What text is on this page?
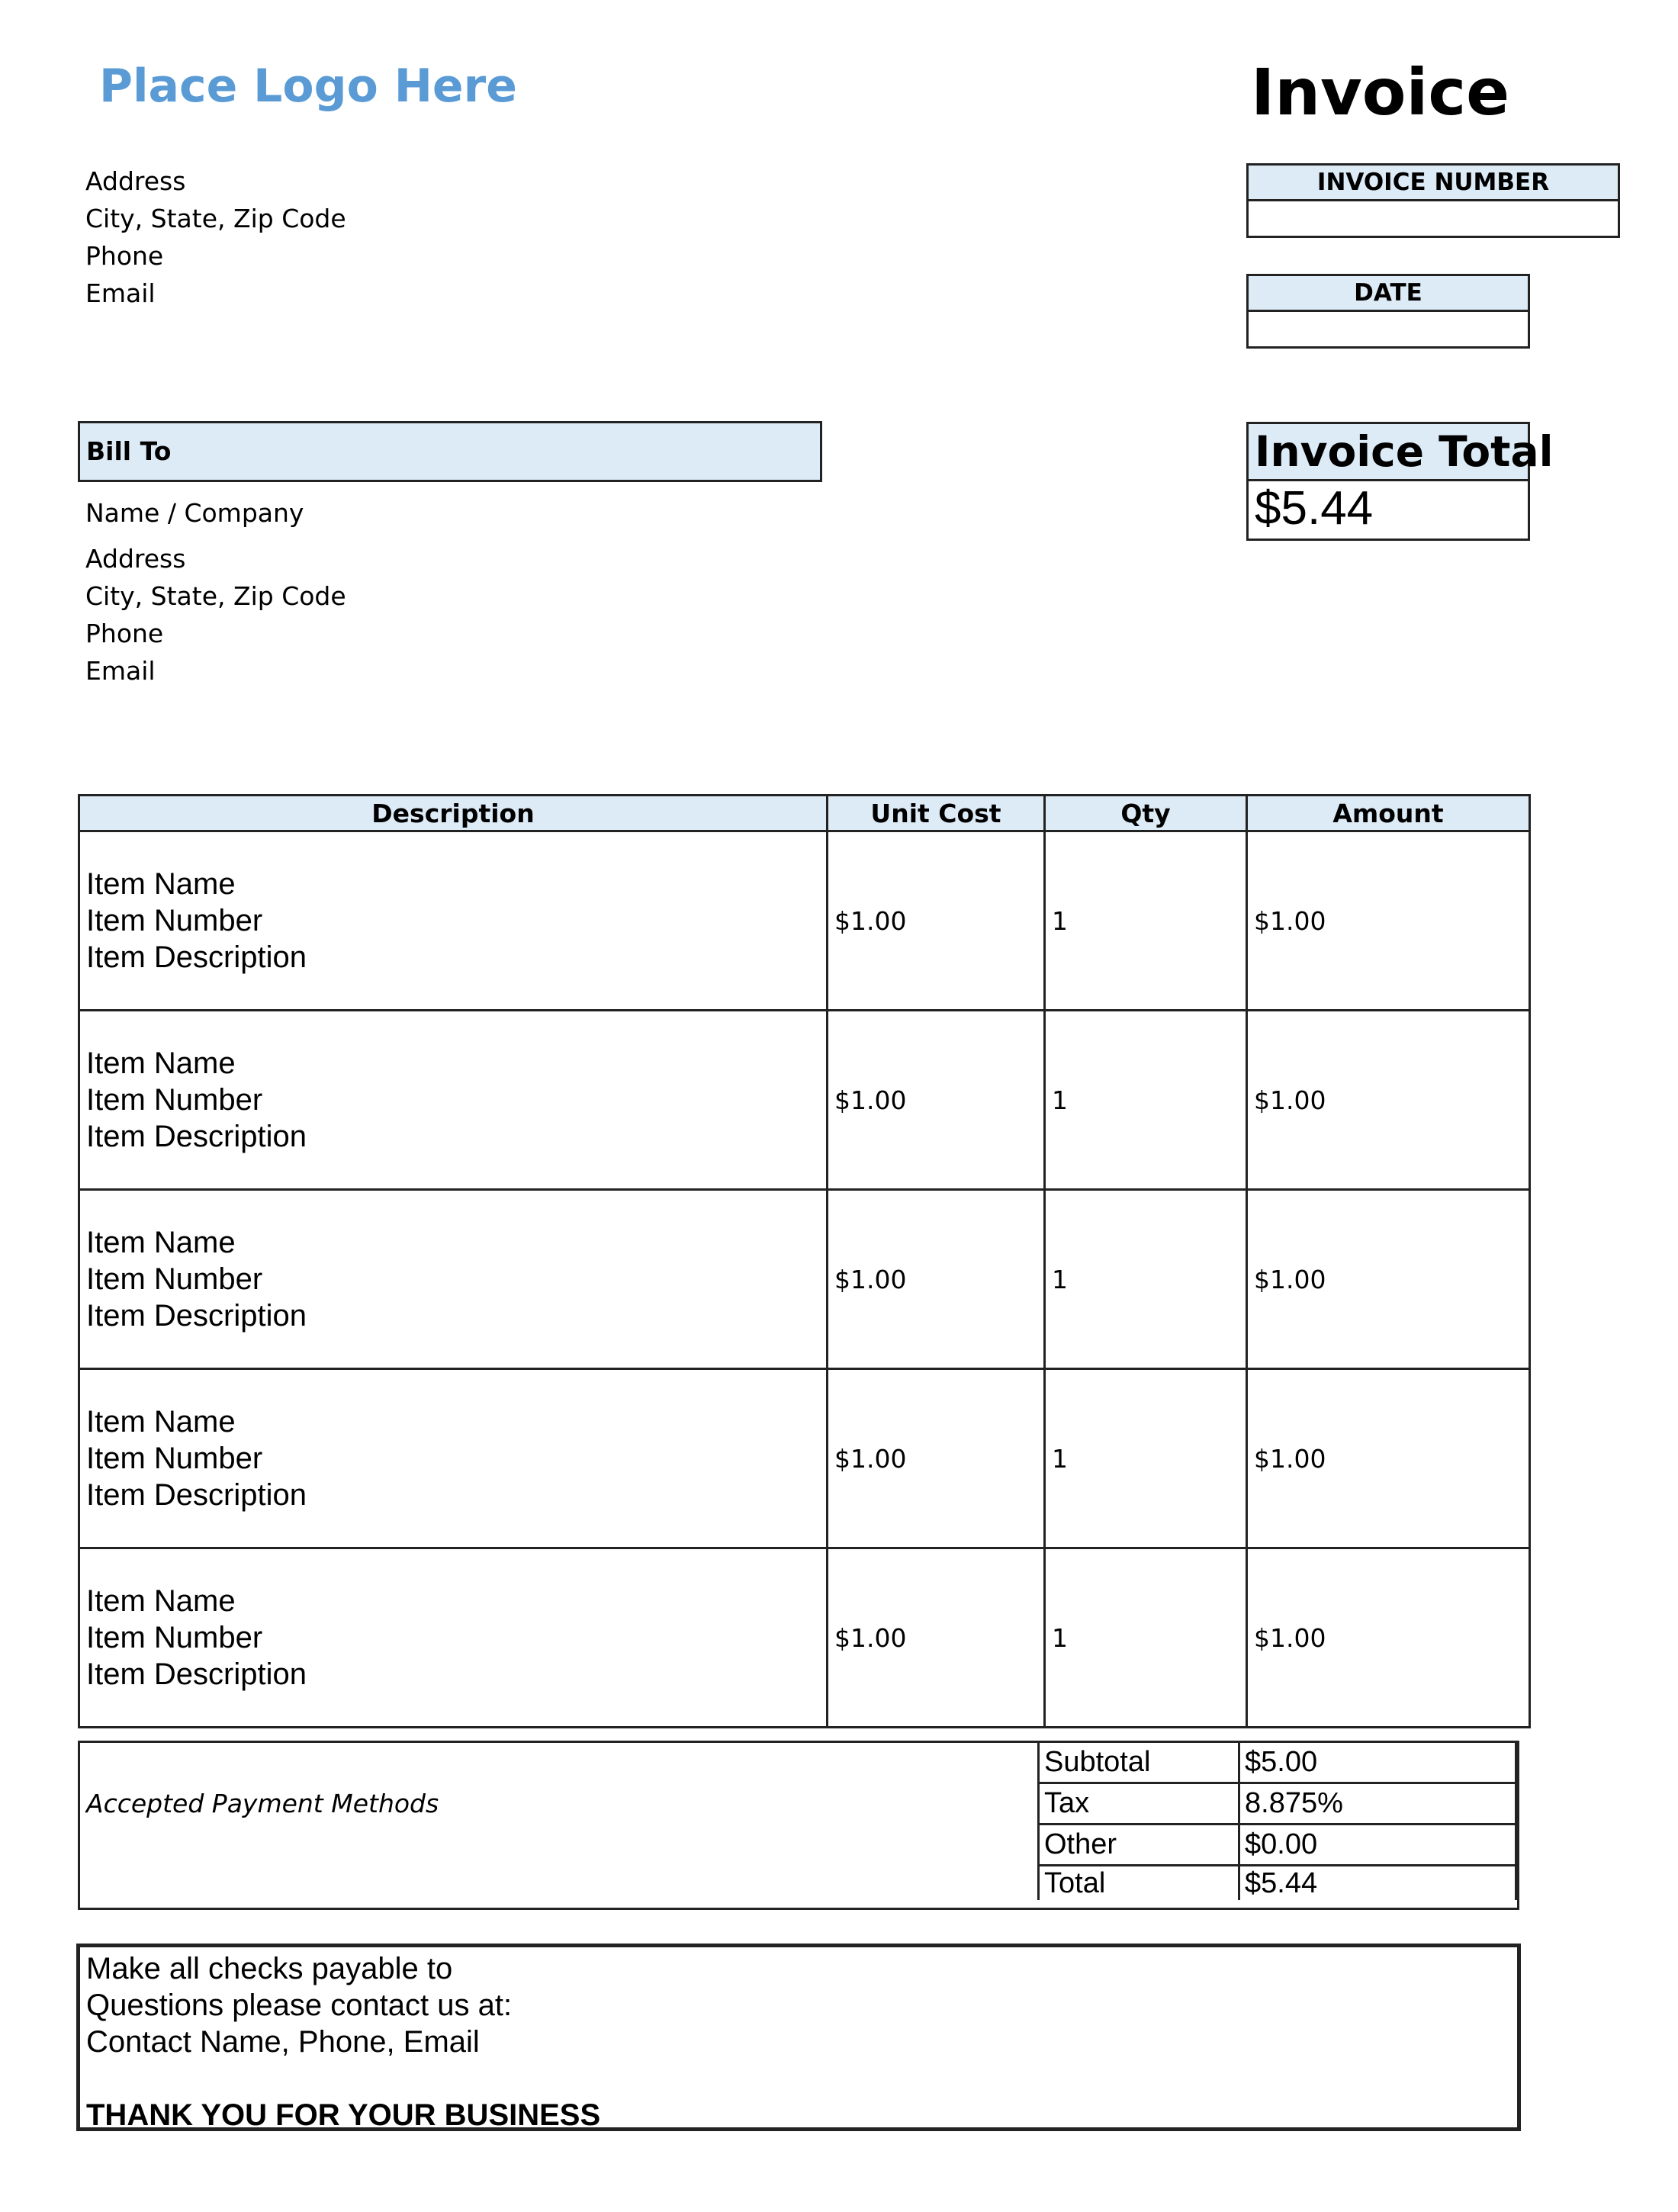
Place Logo Here	Invoice
Address
City, State, Zip Code
Phone
Email
INVOICE NUMBER
DATE
Bill To
Name / Company
Address
City, State, Zip Code
Phone
Email
Invoice Total
$5.44
Description	Unit Cost	Qty	Amount

Item Name
Item Number
Item Description	$1.00	1	$1.00

Item Name
Item Number
Item Description	$1.00	1	$1.00

Item Name
Item Number
Item Description	$1.00	1	$1.00

Item Name
Item Number
Item Description	$1.00	1	$1.00

Item Name
Item Number
Item Description	$1.00	1	$1.00
Accepted Payment Methods
Subtotal	$5.00
Tax	8.875%
Other	$0.00
Total	$5.44
Make all checks payable to
Questions please contact us at:
Contact Name, Phone, Email
THANK YOU FOR YOUR BUSINESS
